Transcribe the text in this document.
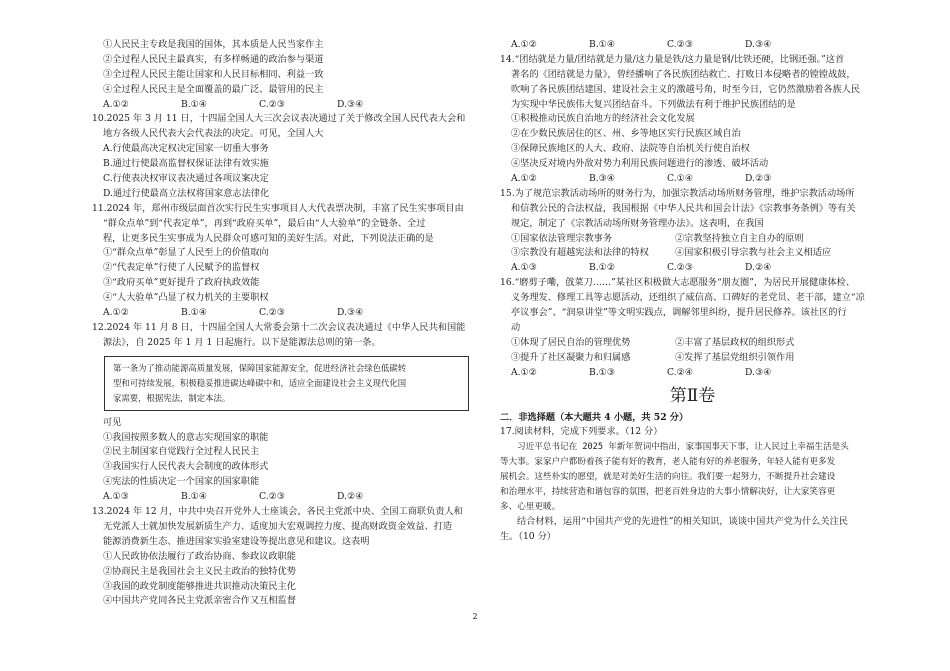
①人民民主专政是我国的国体，其本质是人民当家作主
②全过程人民民主最真实，有多样畅通的政治参与渠道
③全过程人民民主能让国家和人民目标相同、利益一致
④全过程人民民主是全面覆盖的最广泛、最管用的民主
A.①②	B.①④	C.②③	D.③④
10.2025 年 3 月 11 日，十四届全国人大三次会议表决通过了关于修改全国人民代表大会和
地方各级人民代表大会代表法的决定。可见，全国人大
A.行使最高决定权决定国家一切重大事务
B.通过行使最高监督权保证法律有效实施
C.行使表决权审议表决通过各项议案决定
D.通过行使最高立法权将国家意志法律化
11.2024 年，郑州市级层面首次实行民生实事项目人大代表票决制，丰富了民生实事项目由
“群众点单”到“代表定单”，再到“政府买单”，最后由“人大验单”的全链条、全过
程，让更多民生实事成为人民群众可感可知的美好生活。对此，下列说法正确的是
①“群众点单”彰显了人民至上的价值取向
②“代表定单”行使了人民赋予的监督权
③“政府买单”更好提升了政府执政效能
④“人大验单”凸显了权力机关的主要职权
A.①②	B.①④	C.②③	D.③④
12.2024 年 11 月 8 日，十四届全国人大常委会第十二次会议表决通过《中华人民共和国能
源法》，自 2025 年 1 月 1 日起施行。以下是能源法总则的第一条。
第一条为了推动能源高质量发展，保障国家能源安全，促进经济社会绿色低碳转
型和可持续发展，积极稳妥推进碳达峰碳中和，适应全面建设社会主义现代化国
家需要，根据宪法，制定本法。
可见
①我国按照多数人的意志实现国家的职能
②民主制国家自觉践行全过程人民民主
③我国实行人民代表大会制度的政体形式
④宪法的性质决定一个国家的国家职能
A.①③	B.①④	C.②③	D.②④
13.2024 年 12 月，中共中央召开党外人士座谈会，各民主党派中央、全国工商联负责人和
无党派人士就加快发展新质生产力、适度加大宏观调控力度、提高财政资金效益、打造
能源消费新生态、推进国家实验室建设等提出意见和建议。这表明
①人民政协依法履行了政治协商、参政议政职能
②协商民主是我国社会主义民主政治的独特优势
③我国的政党制度能够推进共识推动决策民主化
④中国共产党同各民主党派亲密合作又互相监督
A.①②	B.①④	C.②③	D.③④
14.“团结就是力量/团结就是力量/这力量是铁/这力量是钢/比铁还硬，比钢还强。”这首
著名的《团结就是力量》，曾经播响了各民族团结救亡、打败日本侵略者的镗镗战鼓，
吹响了各民族团结建国、建设社会主义的激越号角，时至今日，它仍然激励着各族人民
为实现中华民族伟大复兴团结奋斗。下列做法有利于维护民族团结的是
①积极推动民族自治地方的经济社会文化发展
②在少数民族居住的区、州、乡等地区实行民族区域自治
③保障民族地区的人大、政府、法院等自治机关行使自治权
④坚决反对境内外敌对势力利用民族问题进行的渗透、破坏活动
A.①②	B.③④	C.①④	D.②③
15.为了规范宗教活动场所的财务行为，加强宗教活动场所财务管理，维护宗教活动场所
和信教公民的合法权益，我国根据《中华人民共和国会计法》《宗教事务条例》等有关
规定，制定了《宗教活动场所财务管理办法》。这表明，在我国
①国家依法管理宗教事务	②宗教坚持独立自主自办的原则
③宗教没有超越宪法和法律的特权	④国家积极引导宗教与社会主义相适应
A.①③	B.①②	C.②③	D.②④
16.“磨剪子嘞，戗菜刀……”某社区积极做大志愿服务“朋友圈”，为居民开展健康体检、
义务理发、修理工具等志愿活动，还组织了威信高、口碑好的老党员、老干部，建立“凉
亭议事会”、“润泉讲堂”等文明实践点，调解邻里纠纷，提升居民修养。该社区的行
动
①体现了居民自治的管理优势	②丰富了基层政权的组织形式
③提升了社区凝聚力和归属感	④发挥了基层党组织引领作用
A.①②	B.①③	C.②④	D.③④
第Ⅱ卷
二．非选择题（本大题共 4 小题，共 52 分）
17.阅读材料，完成下列要求。（12 分）
习近平总书记在 2025 年新年贺词中指出，家事国事天下事，让人民过上幸福生活是头
等大事。家家户户都盼着孩子能有好的教育，老人能有好的养老服务，年轻人能有更多发
展机会。这些朴实的愿望，就是对美好生活的向往。我们要一起努力，不断提升社会建设
和治理水平，持续营造和谐包容的氛围，把老百姓身边的大事小情解决好，让大家笑容更
多、心里更暖。
结合材料，运用“中国共产党的先进性”的相关知识，谈谈中国共产党为什么关注民
生。（10 分）
2
